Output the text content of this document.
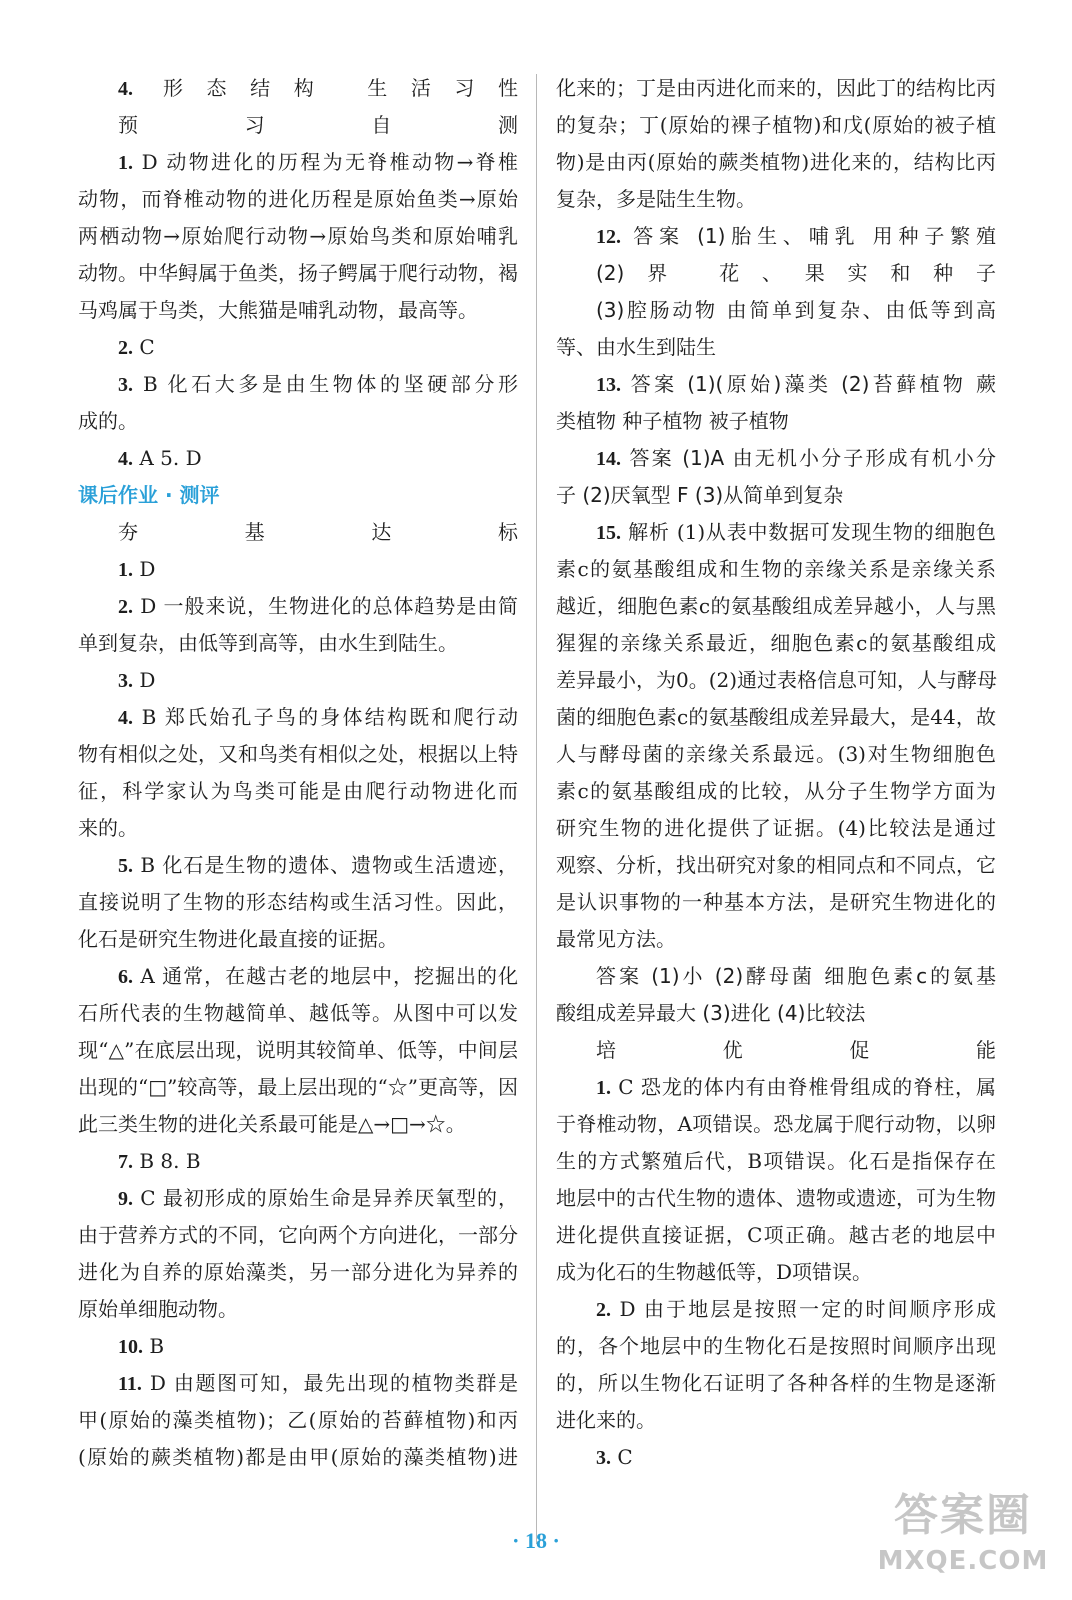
4. 形态结构 生活习性

预习自测

1. D 动物进化的历程为无脊椎动物→脊椎

动物，而脊椎动物的进化历程是原始鱼类→原始

两栖动物→原始爬行动物→原始鸟类和原始哺乳

动物。中华鲟属于鱼类，扬子鳄属于爬行动物，褐

马鸡属于鸟类，大熊猫是哺乳动物，最高等。

2. C

3. B 化石大多是由生物体的坚硬部分形

成的。

4. A 5. D

课后作业 · 测评

夯基达标

1. D

2. D 一般来说，生物进化的总体趋势是由简

单到复杂，由低等到高等，由水生到陆生。

3. D

4. B 郑氏始孔子鸟的身体结构既和爬行动

物有相似之处，又和鸟类有相似之处，根据以上特

征，科学家认为鸟类可能是由爬行动物进化而

来的。

5. B 化石是生物的遗体、遗物或生活遗迹，

直接说明了生物的形态结构或生活习性。因此，

化石是研究生物进化最直接的证据。

6. A 通常，在越古老的地层中，挖掘出的化

石所代表的生物越简单、越低等。从图中可以发

现“△”在底层出现，说明其较简单、低等，中间层

出现的“□”较高等，最上层出现的“☆”更高等，因

此三类生物的进化关系最可能是△→□→☆。

7. B 8. B

9. C 最初形成的原始生命是异养厌氧型的，

由于营养方式的不同，它向两个方向进化，一部分

进化为自养的原始藻类，另一部分进化为异养的

原始单细胞动物。

10. B

11. D 由题图可知，最先出现的植物类群是

甲(原始的藻类植物)；乙(原始的苔藓植物)和丙

(原始的蕨类植物)都是由甲(原始的藻类植物)进

化来的；丁是由丙进化而来的，因此丁的结构比丙

的复杂；丁(原始的裸子植物)和戊(原始的被子植

物)是由丙(原始的蕨类植物)进化来的，结构比丙

复杂，多是陆生生物。

12. 答案 (1)胎生、哺乳 用种子繁殖

(2)界 花、果实和种子

(3)腔肠动物 由简单到复杂、由低等到高

等、由水生到陆生

13. 答案 (1)(原始)藻类 (2)苔藓植物 蕨

类植物 种子植物 被子植物

14. 答案 (1)A 由无机小分子形成有机小分

子 (2)厌氧型 F (3)从简单到复杂

15. 解析 (1)从表中数据可发现生物的细胞色

素c的氨基酸组成和生物的亲缘关系是亲缘关系

越近，细胞色素c的氨基酸组成差异越小，人与黑

猩猩的亲缘关系最近，细胞色素c的氨基酸组成

差异最小，为0。(2)通过表格信息可知，人与酵母

菌的细胞色素c的氨基酸组成差异最大，是44，故

人与酵母菌的亲缘关系最远。(3)对生物细胞色

素c的氨基酸组成的比较，从分子生物学方面为

研究生物的进化提供了证据。(4)比较法是通过

观察、分析，找出研究对象的相同点和不同点，它

是认识事物的一种基本方法，是研究生物进化的

最常见方法。

答案 (1)小 (2)酵母菌 细胞色素c的氨基

酸组成差异最大 (3)进化 (4)比较法

培优促能

1. C 恐龙的体内有由脊椎骨组成的脊柱，属

于脊椎动物，A项错误。恐龙属于爬行动物，以卵

生的方式繁殖后代，B项错误。化石是指保存在

地层中的古代生物的遗体、遗物或遗迹，可为生物

进化提供直接证据，C项正确。越古老的地层中

成为化石的生物越低等，D项错误。

2. D 由于地层是按照一定的时间顺序形成

的，各个地层中的生物化石是按照时间顺序出现

的，所以生物化石证明了各种各样的生物是逐渐

进化来的。

3. C

· 18 ·	答案圈
MXQE.COM
